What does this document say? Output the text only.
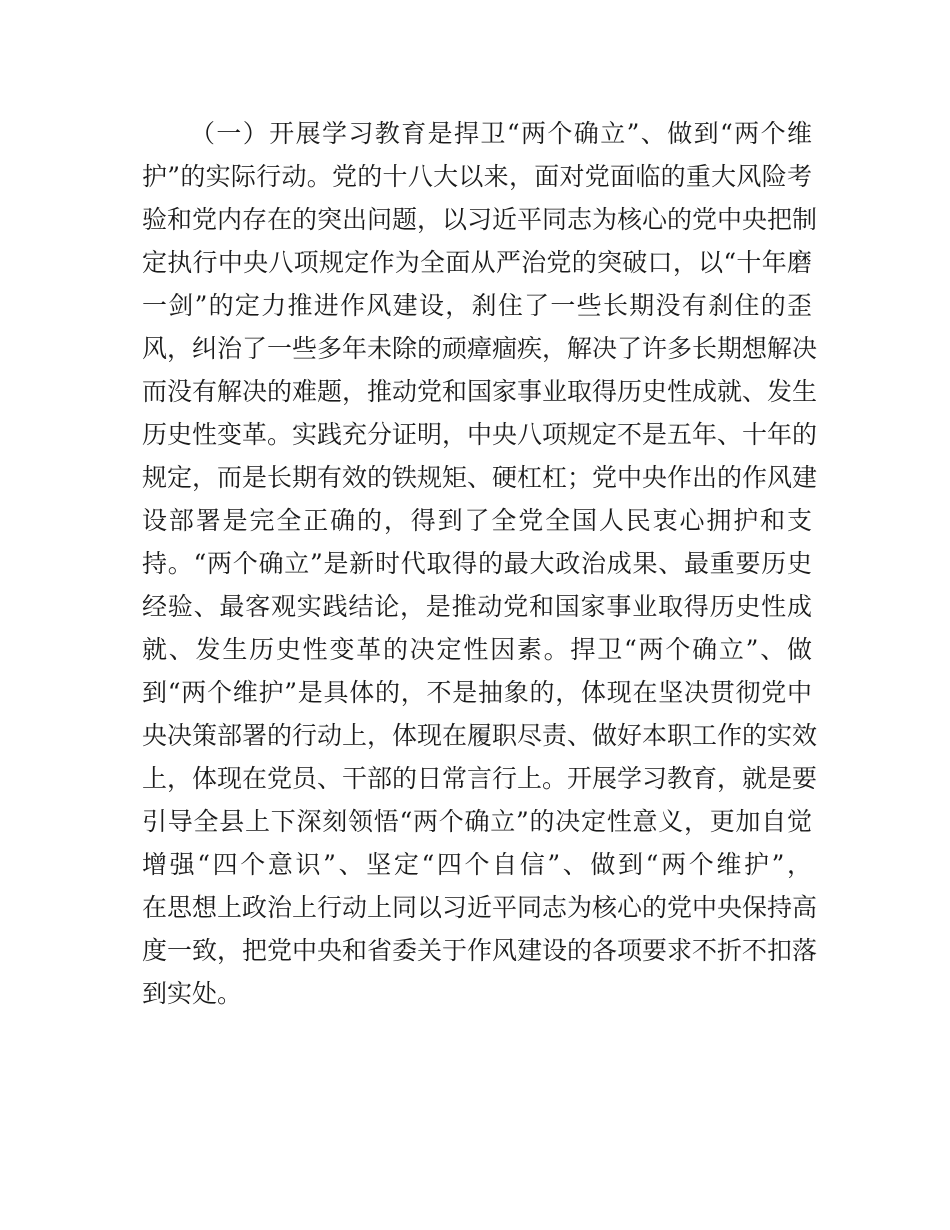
（一）开展学习教育是捍卫“两个确立”、做到“两个维
护”的实际行动。党的十八大以来，面对党面临的重大风险考
验和党内存在的突出问题，以习近平同志为核心的党中央把制
定执行中央八项规定作为全面从严治党的突破口，以“十年磨
一剑”的定力推进作风建设，刹住了一些长期没有刹住的歪
风，纠治了一些多年未除的顽瘴痼疾，解决了许多长期想解决
而没有解决的难题，推动党和国家事业取得历史性成就、发生
历史性变革。实践充分证明，中央八项规定不是五年、十年的
规定，而是长期有效的铁规矩、硬杠杠；党中央作出的作风建
设部署是完全正确的，得到了全党全国人民衷心拥护和支
持。“两个确立”是新时代取得的最大政治成果、最重要历史
经验、最客观实践结论，是推动党和国家事业取得历史性成
就、发生历史性变革的决定性因素。捍卫“两个确立”、做
到“两个维护”是具体的，不是抽象的，体现在坚决贯彻党中
央决策部署的行动上，体现在履职尽责、做好本职工作的实效
上，体现在党员、干部的日常言行上。开展学习教育，就是要
引导全县上下深刻领悟“两个确立”的决定性意义，更加自觉
增强“四个意识”、坚定“四个自信”、做到“两个维护”，
在思想上政治上行动上同以习近平同志为核心的党中央保持高
度一致，把党中央和省委关于作风建设的各项要求不折不扣落
到实处。
